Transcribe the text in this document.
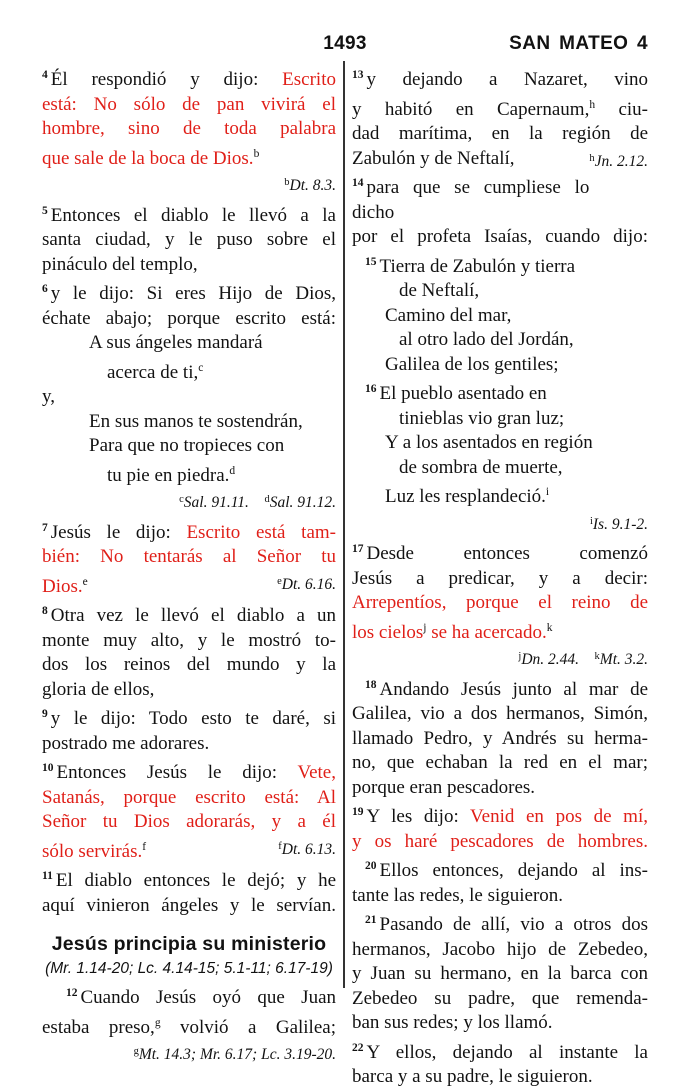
1493	SAN MATEO 4
$^4$ Él respondió y dijo: Escrito
está: No sólo de pan vivirá el
hombre, sino de toda palabra
que sale de la boca de Dios.$^b$
$^b$Dt. 8.3.
$^5$ Entonces el diablo le llevó a la
santa ciudad, y le puso sobre el
pináculo del templo,
$^6$ y le dijo: Si eres Hijo de Dios,
échate abajo; porque escrito está:
A sus ángeles mandará
acerca de ti,$^c$
y,
En sus manos te sostendrán,
Para que no tropieces con
tu pie en piedra.$^d$
$^c$Sal. 91.11. $^d$Sal. 91.12.
$^7$ Jesús le dijo: Escrito está tam-
bién: No tentarás al Señor tu
$^e$Dt. 6.16.
Dios.$^e$
$^8$ Otra vez le llevó el diablo a un
monte muy alto, y le mostró to-
dos los reinos del mundo y la
gloria de ellos,
$^9$ y le dijo: Todo esto te daré, si
postrado me adorares.
$^{10}$ Entonces Jesús le dijo: Vete,
Satanás, porque escrito está: Al
Señor tu Dios adorarás, y a él
$^f$Dt. 6.13.
sólo servirás.$^f$
$^{11}$ El diablo entonces le dejó; y he
aquí vinieron ángeles y le servían.
Jesús principia su ministerio
(Mr. 1.14-20; Lc. 4.14-15; 5.1-11; 6.17-19)
$^{12}$ Cuando Jesús oyó que Juan
estaba preso,$^g$ volvió a Galilea;
$^g$Mt. 14.3; Mr. 6.17; Lc. 3.19-20.
$^{13}$ y dejando a Nazaret, vino
y habitó en Capernaum,$^h$ ciu-
dad marítima, en la región de
$^h$Jn. 2.12.
Zabulón y de Neftalí,
$^{14}$ para que se cumpliese lo dicho
por el profeta Isaías, cuando dijo:
$^{15}$ Tierra de Zabulón y tierra
de Neftalí,
Camino del mar,
al otro lado del Jordán,
Galilea de los gentiles;
$^{16}$ El pueblo asentado en
tinieblas vio gran luz;
Y a los asentados en región
de sombra de muerte,
Luz les resplandeció.$^i$
$^i$Is. 9.1-2.
$^{17}$ Desde entonces comenzó
Jesús a predicar, y a decir:
Arrepentíos, porque el reino de
los cielos$^j$ se ha acercado.$^k$
$^j$Dn. 2.44. $^k$Mt. 3.2.
$^{18}$ Andando Jesús junto al mar de
Galilea, vio a dos hermanos, Simón,
llamado Pedro, y Andrés su herma-
no, que echaban la red en el mar;
porque eran pescadores.
$^{19}$ Y les dijo: Venid en pos de mí,
y os haré pescadores de hombres.
$^{20}$ Ellos entonces, dejando al ins-
tante las redes, le siguieron.
$^{21}$ Pasando de allí, vio a otros dos
hermanos, Jacobo hijo de Zebedeo,
y Juan su hermano, en la barca con
Zebedeo su padre, que remenda-
ban sus redes; y los llamó.
$^{22}$ Y ellos, dejando al instante la
barca y a su padre, le siguieron.
